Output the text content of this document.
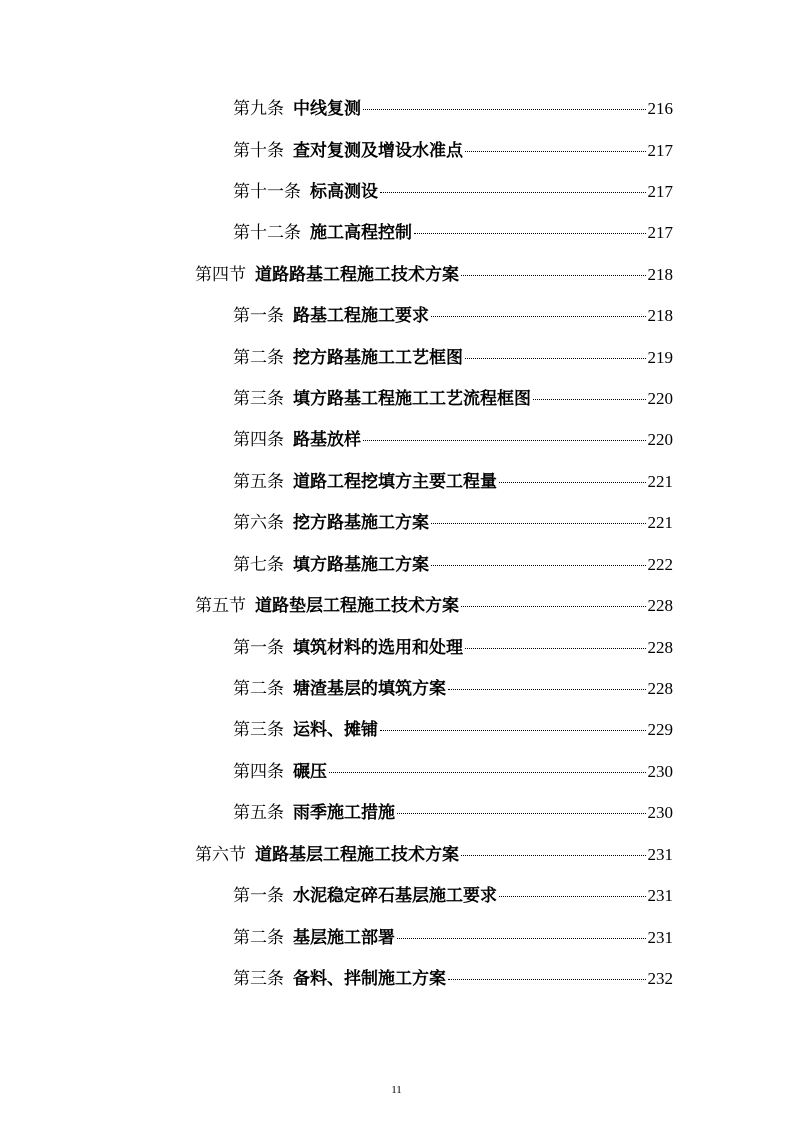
第九条 中线复测	216
第十条 查对复测及增设水准点	217
第十一条 标高测设	217
第十二条 施工高程控制	217
第四节 道路路基工程施工技术方案	218
第一条 路基工程施工要求	218
第二条 挖方路基施工工艺框图	219
第三条 填方路基工程施工工艺流程框图	220
第四条 路基放样	220
第五条 道路工程挖填方主要工程量	221
第六条 挖方路基施工方案	221
第七条 填方路基施工方案	222
第五节 道路垫层工程施工技术方案	228
第一条 填筑材料的选用和处理	228
第二条 塘渣基层的填筑方案	228
第三条 运料、摊铺	229
第四条 碾压	230
第五条 雨季施工措施	230
第六节 道路基层工程施工技术方案	231
第一条 水泥稳定碎石基层施工要求	231
第二条 基层施工部署	231
第三条 备料、拌制施工方案	232
11
